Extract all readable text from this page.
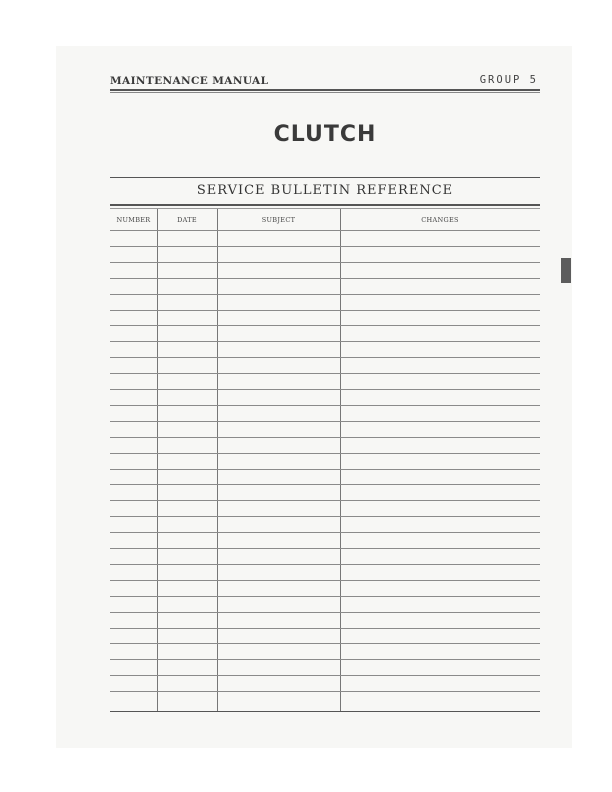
MAINTENANCE MANUAL	GROUP 5
CLUTCH
SERVICE BULLETIN REFERENCE
NUMBER	DATE	SUBJECT	CHANGES
